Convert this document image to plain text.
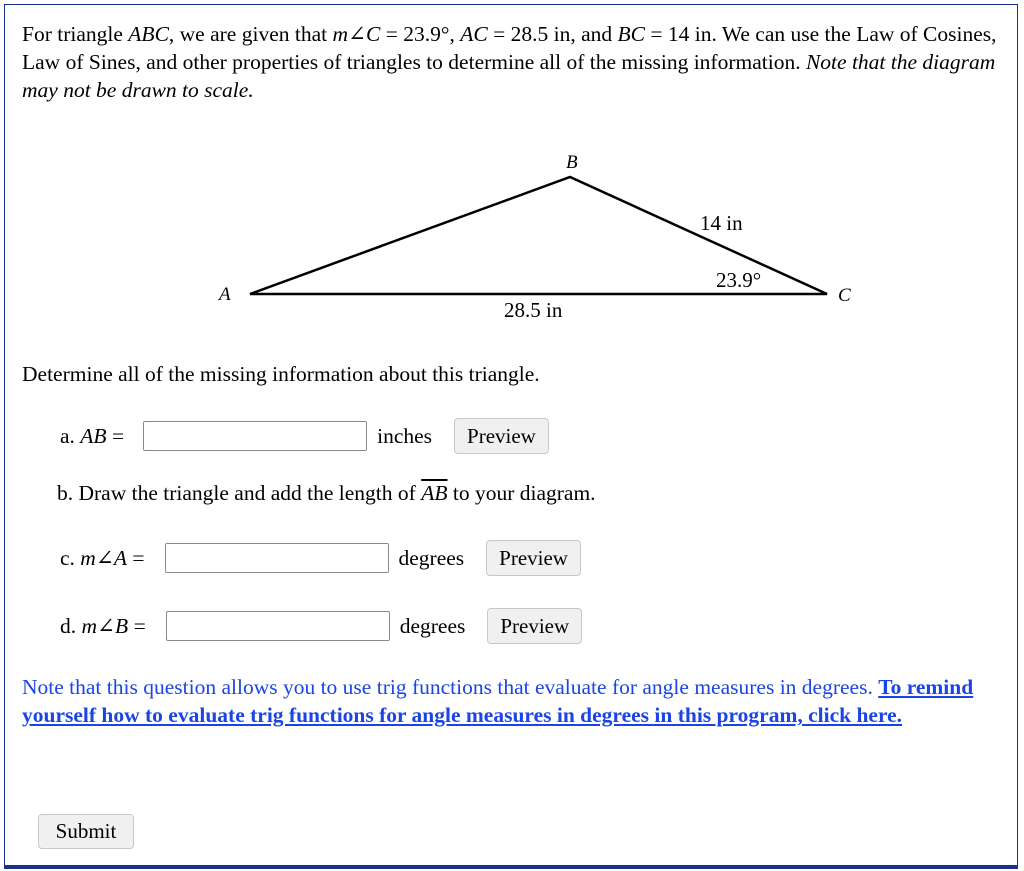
For triangle ABC, we are given that m∠C = 23.9°, AC = 28.5 in, and BC = 14 in. We can use the Law of Cosines, Law of Sines, and other properties of triangles to determine all of the missing information. Note that the diagram may not be drawn to scale.
A
B
C
14 in
28.5 in
23.9°
Determine all of the missing information about this triangle.
a. AB =	inches	Preview
b. Draw the triangle and add the length of $\overline{AB}$ to your diagram.
c. m∠A =	degrees	Preview
d. m∠B =	degrees	Preview
Note that this question allows you to use trig functions that evaluate for angle measures in degrees. To remind yourself how to evaluate trig functions for angle measures in degrees in this program, click here.
Submit
